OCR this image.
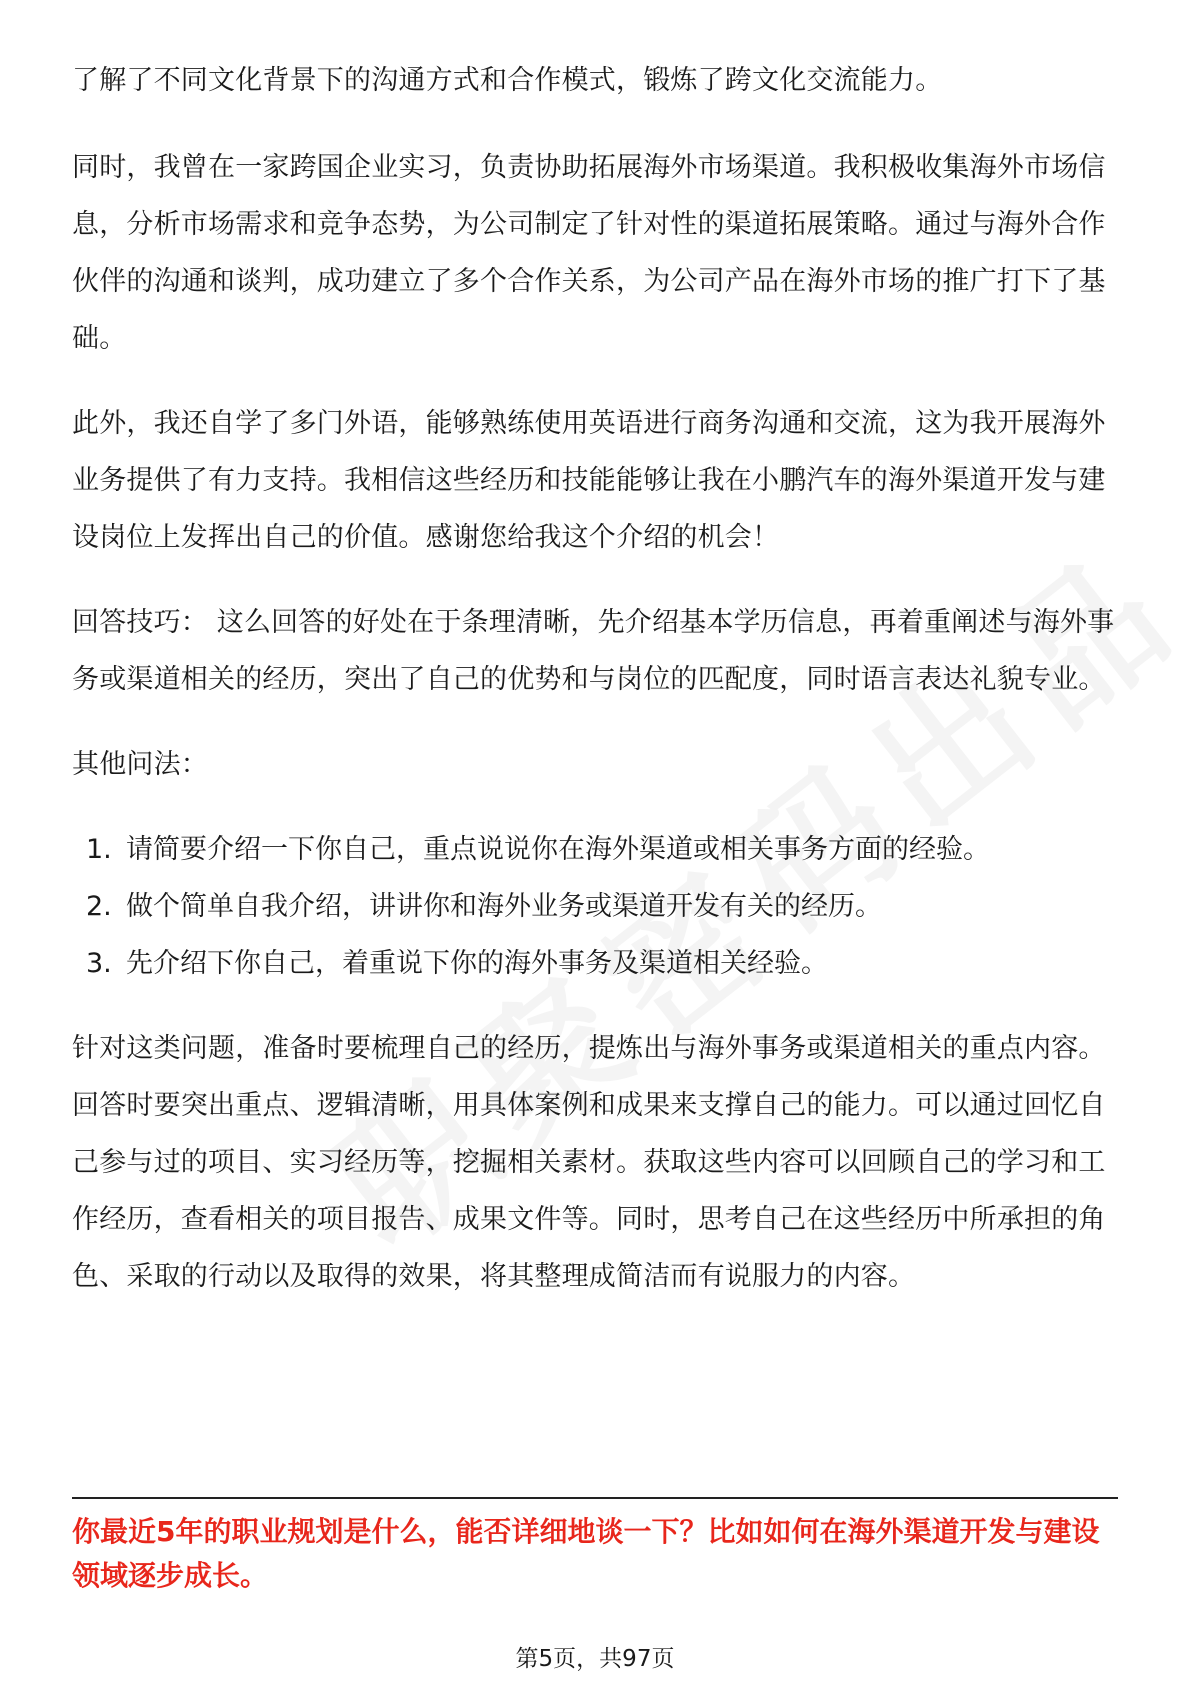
了解了不同文化背景下的沟通方式和合作模式，锻炼了跨文化交流能力。

同时，我曾在一家跨国企业实习，负责协助拓展海外市场渠道。我积极收集海外市场信息，分析市场需求和竞争态势，为公司制定了针对性的渠道拓展策略。通过与海外合作伙伴的沟通和谈判，成功建立了多个合作关系，为公司产品在海外市场的推广打下了基础。

此外，我还自学了多门外语，能够熟练使用英语进行商务沟通和交流，这为我开展海外业务提供了有力支持。我相信这些经历和技能能够让我在小鹏汽车的海外渠道开发与建设岗位上发挥出自己的价值。感谢您给我这个介绍的机会！

回答技巧： 这么回答的好处在于条理清晰，先介绍基本学历信息，再着重阐述与海外事务或渠道相关的经历，突出了自己的优势和与岗位的匹配度，同时语言表达礼貌专业。

其他问法：

1. 请简要介绍一下你自己，重点说说你在海外渠道或相关事务方面的经验。
2. 做个简单自我介绍，讲讲你和海外业务或渠道开发有关的经历。
3. 先介绍下你自己，着重说下你的海外事务及渠道相关经验。

针对这类问题，准备时要梳理自己的经历，提炼出与海外事务或渠道相关的重点内容。回答时要突出重点、逻辑清晰，用具体案例和成果来支撑自己的能力。可以通过回忆自己参与过的项目、实习经历等，挖掘相关素材。获取这些内容可以回顾自己的学习和工作经历，查看相关的项目报告、成果文件等。同时，思考自己在这些经历中所承担的角色、采取的行动以及取得的效果，将其整理成简洁而有说服力的内容。

你最近5年的职业规划是什么，能否详细地谈一下？比如如何在海外渠道开发与建设领域逐步成长。
第5页，共97页
